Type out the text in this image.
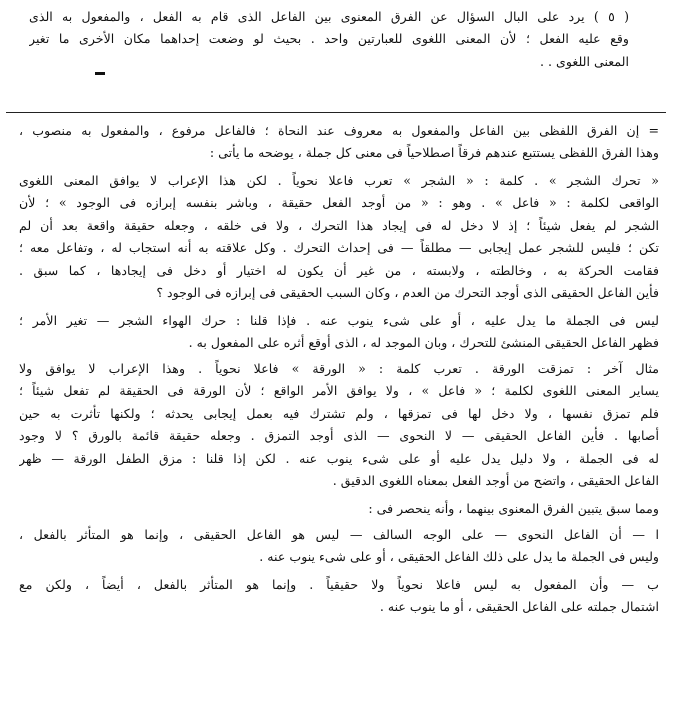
( ٥ ) يرد على البال السؤال عن الفرق المعنوى بين الفاعل الذى قام به الفعل ، والمفعول به الذى
وقع عليه الفعل ؛ لأن المعنى اللغوى للعبارتين واحد . بحيث لو وضعت إحداهما مكان الأخرى ما تغير
المعنى اللغوى . .
= إن الفرق اللفظى بين الفاعل والمفعول به معروف عند النحاة ؛ فالفاعل مرفوع ، والمفعول به منصوب ،
وهذا الفرق اللفظى يستتبع عندهم فرقاً اصطلاحياً فى معنى كل جملة ، يوضحه ما يأتى :
« تحرك الشجر » . كلمة : « الشجر » تعرب فاعلا نحوياً . لكن هذا الإعراب لا يوافق المعنى اللغوى
الواقعى لكلمة : « فاعل » . وهو : « من أوجد الفعل حقيقة ، وباشر بنفسه إبرازه فى الوجود » ؛ لأن
الشجر لم يفعل شيئاً ؛ إذ لا دخل له فى إيجاد هذا التحرك ، ولا فى خلقه ، وجعله حقيقة واقعة بعد أن لم
تكن ؛ فليس للشجر عمل إيجابى — مطلقاً — فى إحداث التحرك . وكل علاقته به أنه استجاب له ، وتفاعل معه ؛
فقامت الحركة به ، وخالطته ، ولابسته ، من غير أن يكون له اختيار أو دخل فى إيجادها ، كما سبق .
فأين الفاعل الحقيقى الذى أوجد التحرك من العدم ، وكان السبب الحقيقى فى إبرازه فى الوجود ؟
ليس فى الجملة ما يدل عليه ، أو على شىء ينوب عنه . فإذا قلنا : حرك الهواء الشجر — تغير الأمر ؛
فظهر الفاعل الحقيقى المنشئ للتحرك ، وبان الموجد له ، الذى أوقع أثره على المفعول به .
مثال آخر : تمزقت الورقة . تعرب كلمة : « الورقة » فاعلا نحوياً . وهذا الإعراب لا يوافق ولا
يساير المعنى اللغوى لكلمة ؛ « فاعل » ، ولا يوافق الأمر الواقع ؛ لأن الورقة فى الحقيقة لم تفعل شيئاً ؛
فلم تمزق نفسها ، ولا دخل لها فى تمزقها ، ولم تشترك فيه بعمل إيجابى يحدثه ؛ ولكنها تأثرت به حين
أصابها . فأين الفاعل الحقيقى — لا النحوى — الذى أوجد التمزق . وجعله حقيقة قائمة بالورق ؟ لا وجود
له فى الجملة ، ولا دليل يدل عليه أو على شىء ينوب عنه . لكن إذا قلنا : مزق الطفل الورقة — ظهر
الفاعل الحقيقى ، واتضح من أوجد الفعل بمعناه اللغوى الدقيق .
ومما سبق يتبين الفرق المعنوى بينهما ، وأنه ينحصر فى :
ا — أن الفاعل النحوى — على الوجه السالف — ليس هو الفاعل الحقيقى ، وإنما هو المتأثر بالفعل ،
وليس فى الجملة ما يدل على ذلك الفاعل الحقيقى ، أو على شىء ينوب عنه .
ب — وأن المفعول به ليس فاعلا نحوياً ولا حقيقياً . وإنما هو المتأثر بالفعل ، أيضاً ، ولكن مع
اشتمال جملته على الفاعل الحقيقى ، أو ما ينوب عنه .
